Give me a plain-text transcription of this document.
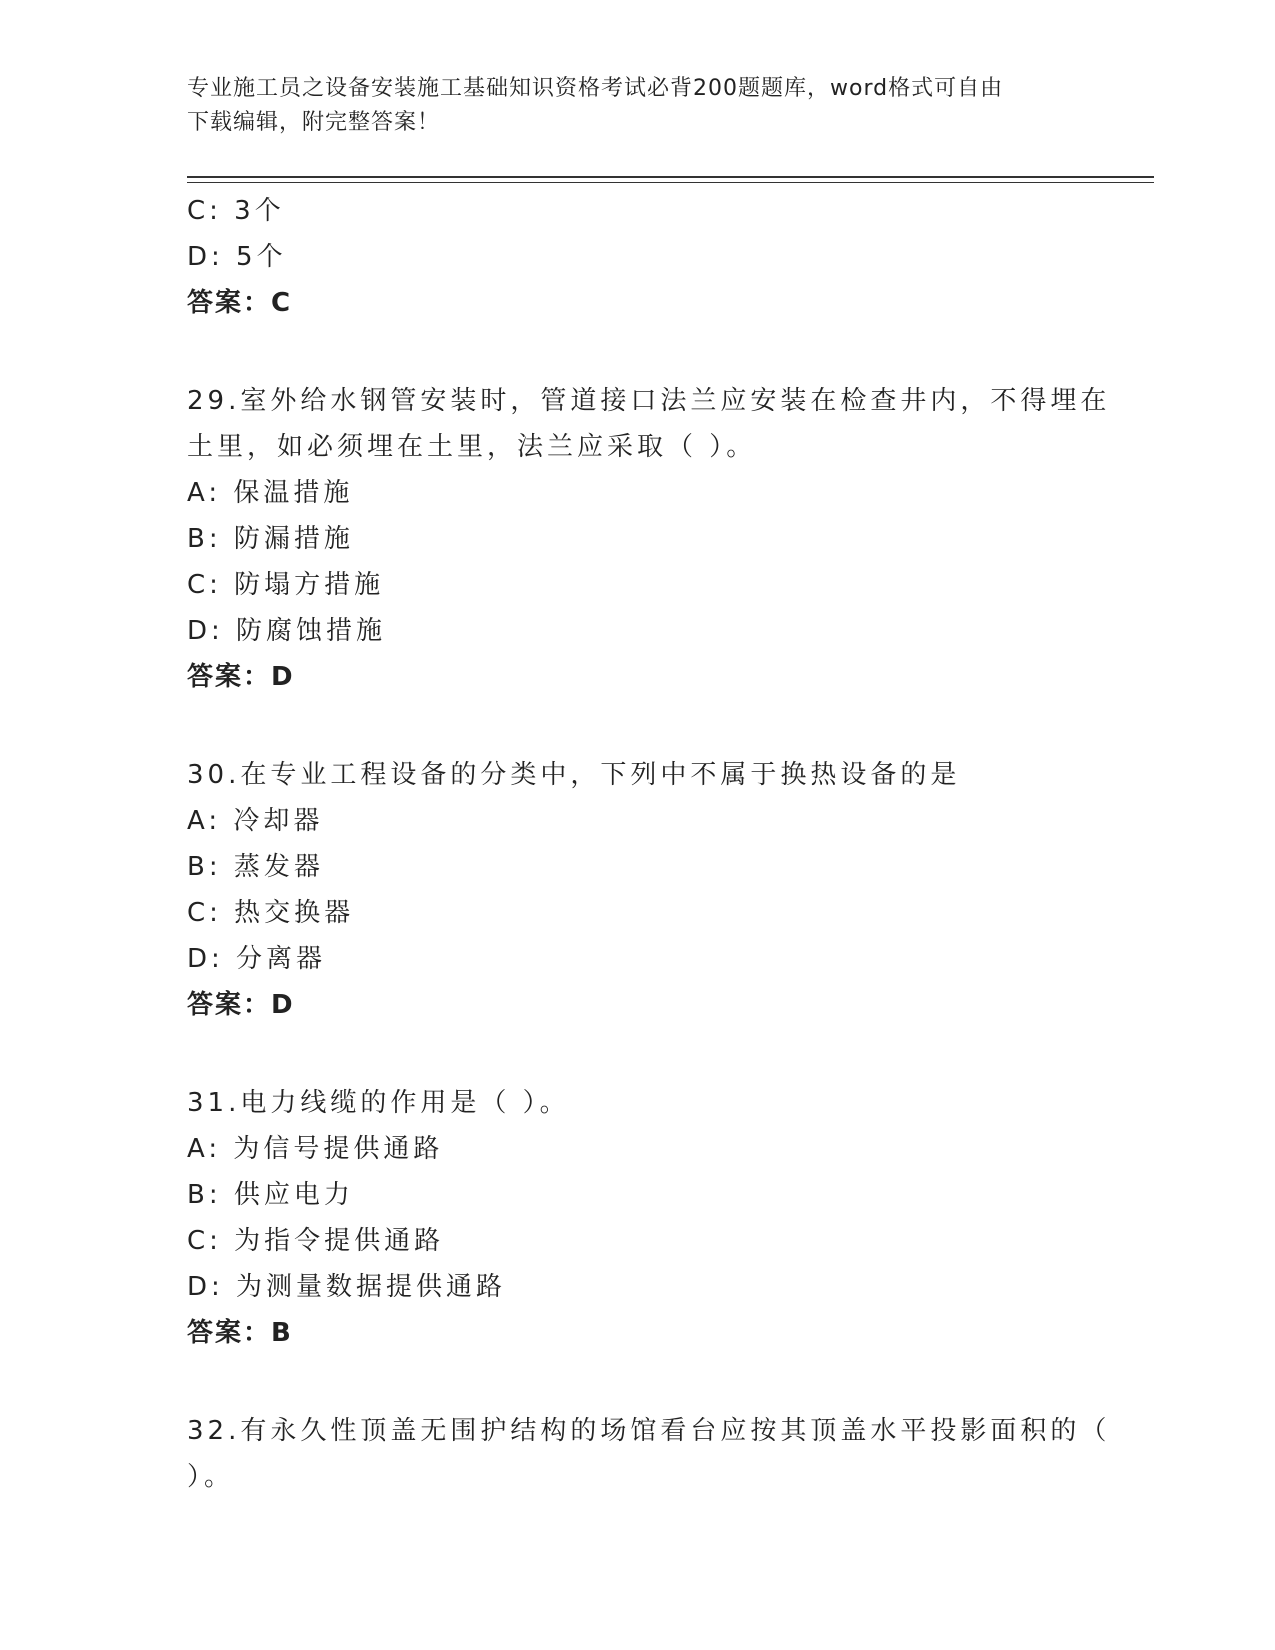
专业施工员之设备安装施工基础知识资格考试必背200题题库，word格式可自由
下载编辑，附完整答案！
C: 3个
D: 5个
答案：C
29.室外给水钢管安装时，管道接口法兰应安装在检查井内，不得埋在
土里，如必须埋在土里，法兰应采取（ ）。
A: 保温措施
B: 防漏措施
C: 防塌方措施
D: 防腐蚀措施
答案：D
30.在专业工程设备的分类中，下列中不属于换热设备的是
A: 冷却器
B: 蒸发器
C: 热交换器
D: 分离器
答案：D
31.电力线缆的作用是（ ）。
A: 为信号提供通路
B: 供应电力
C: 为指令提供通路
D: 为测量数据提供通路
答案：B
32.有永久性顶盖无围护结构的场馆看台应按其顶盖水平投影面积的（
）。
